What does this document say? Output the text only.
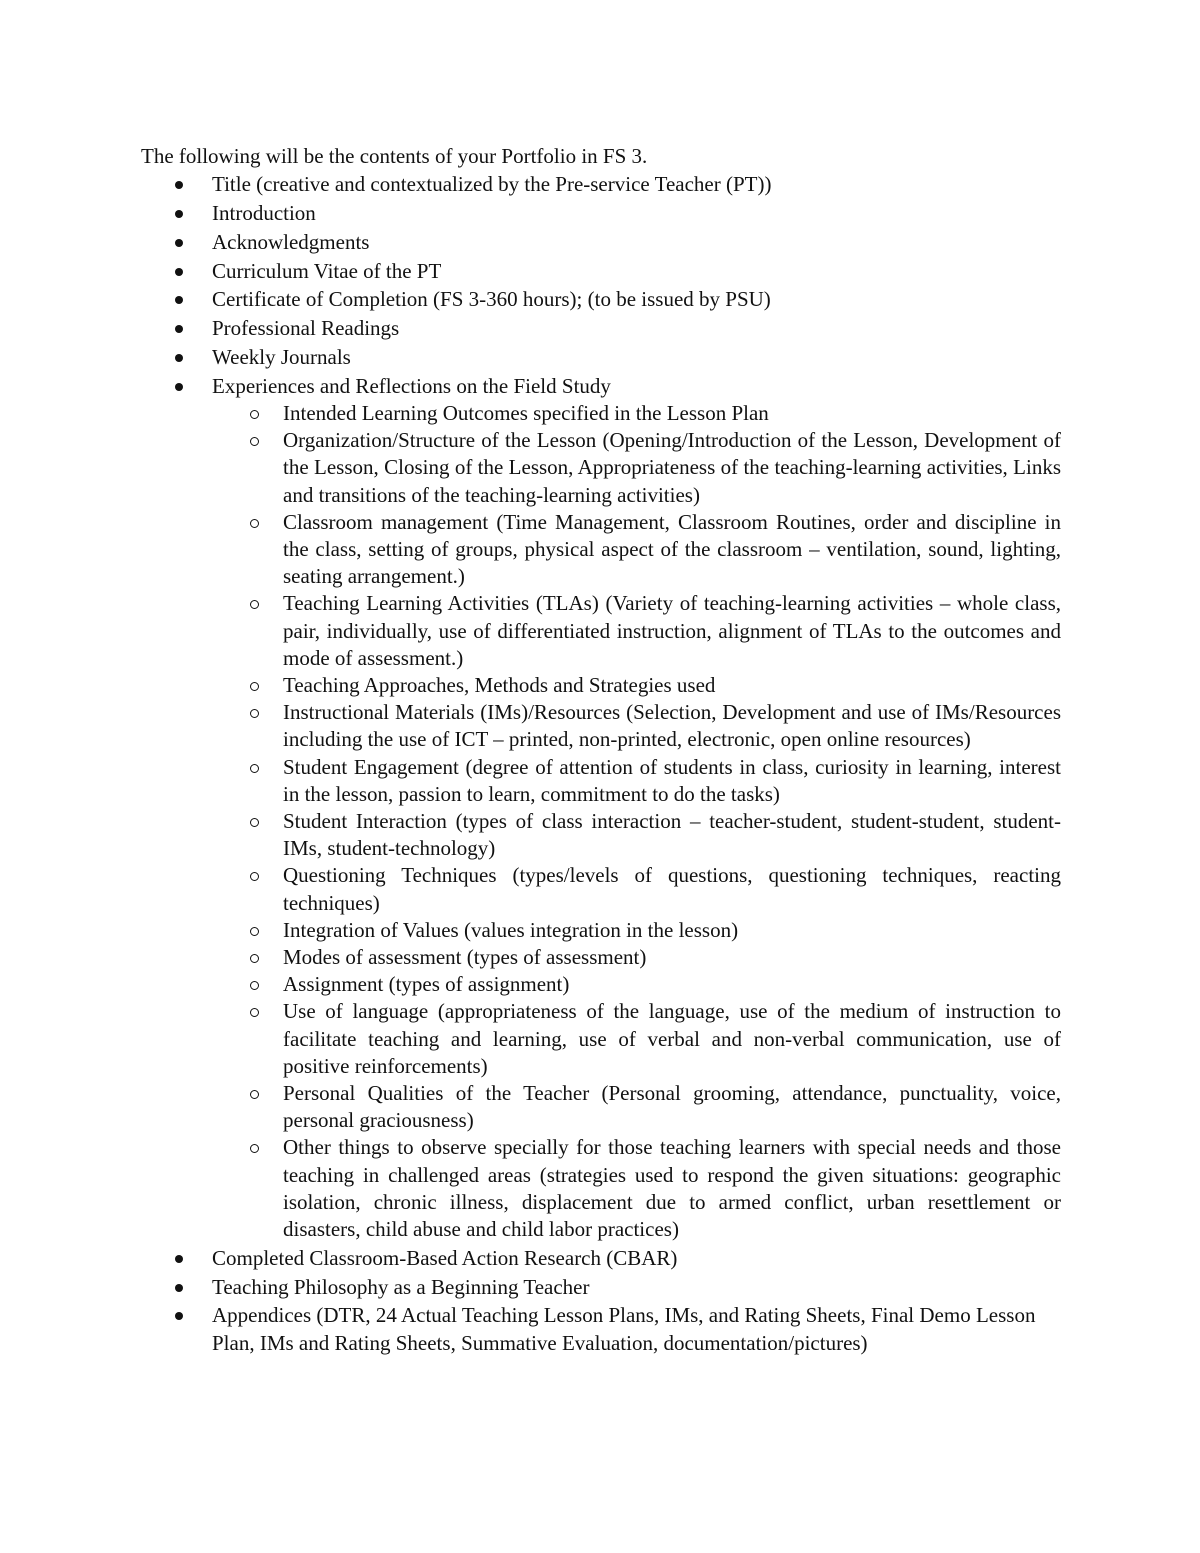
The following will be the contents of your Portfolio in FS 3.

Title (creative and contextualized by the Pre-service Teacher (PT))
Introduction
Acknowledgments
Curriculum Vitae of the PT
Certificate of Completion (FS 3-360 hours); (to be issued by PSU)
Professional Readings
Weekly Journals
Experiences and Reflections on the Field Study
Intended Learning Outcomes specified in the Lesson Plan
Organization/Structure of the Lesson (Opening/Introduction of the Lesson, Development of the Lesson, Closing of the Lesson, Appropriateness of the teaching-learning activities, Links and transitions of the teaching-learning activities)
Classroom management (Time Management, Classroom Routines, order and discipline in the class, setting of groups, physical aspect of the classroom – ventilation, sound, lighting, seating arrangement.)
Teaching Learning Activities (TLAs) (Variety of teaching-learning activities – whole class, pair, individually, use of differentiated instruction, alignment of TLAs to the outcomes and mode of assessment.)
Teaching Approaches, Methods and Strategies used
Instructional Materials (IMs)/Resources (Selection, Development and use of IMs/Resources including the use of ICT – printed, non-printed, electronic, open online resources)
Student Engagement (degree of attention of students in class, curiosity in learning, interest in the lesson, passion to learn, commitment to do the tasks)
Student Interaction (types of class interaction – teacher-student, student-student, student-IMs, student-technology)
Questioning Techniques (types/levels of questions, questioning techniques, reacting techniques)
Integration of Values (values integration in the lesson)
Modes of assessment (types of assessment)
Assignment (types of assignment)
Use of language (appropriateness of the language, use of the medium of instruction to facilitate teaching and learning, use of verbal and non-verbal communication, use of positive reinforcements)
Personal Qualities of the Teacher (Personal grooming, attendance, punctuality, voice, personal graciousness)
Other things to observe specially for those teaching learners with special needs and those teaching in challenged areas (strategies used to respond the given situations: geographic isolation, chronic illness, displacement due to armed conflict, urban resettlement or disasters, child abuse and child labor practices)
Completed Classroom-Based Action Research (CBAR)
Teaching Philosophy as a Beginning Teacher
Appendices (DTR, 24 Actual Teaching Lesson Plans, IMs, and Rating Sheets, Final Demo Lesson Plan, IMs and Rating Sheets, Summative Evaluation, documentation/pictures)
